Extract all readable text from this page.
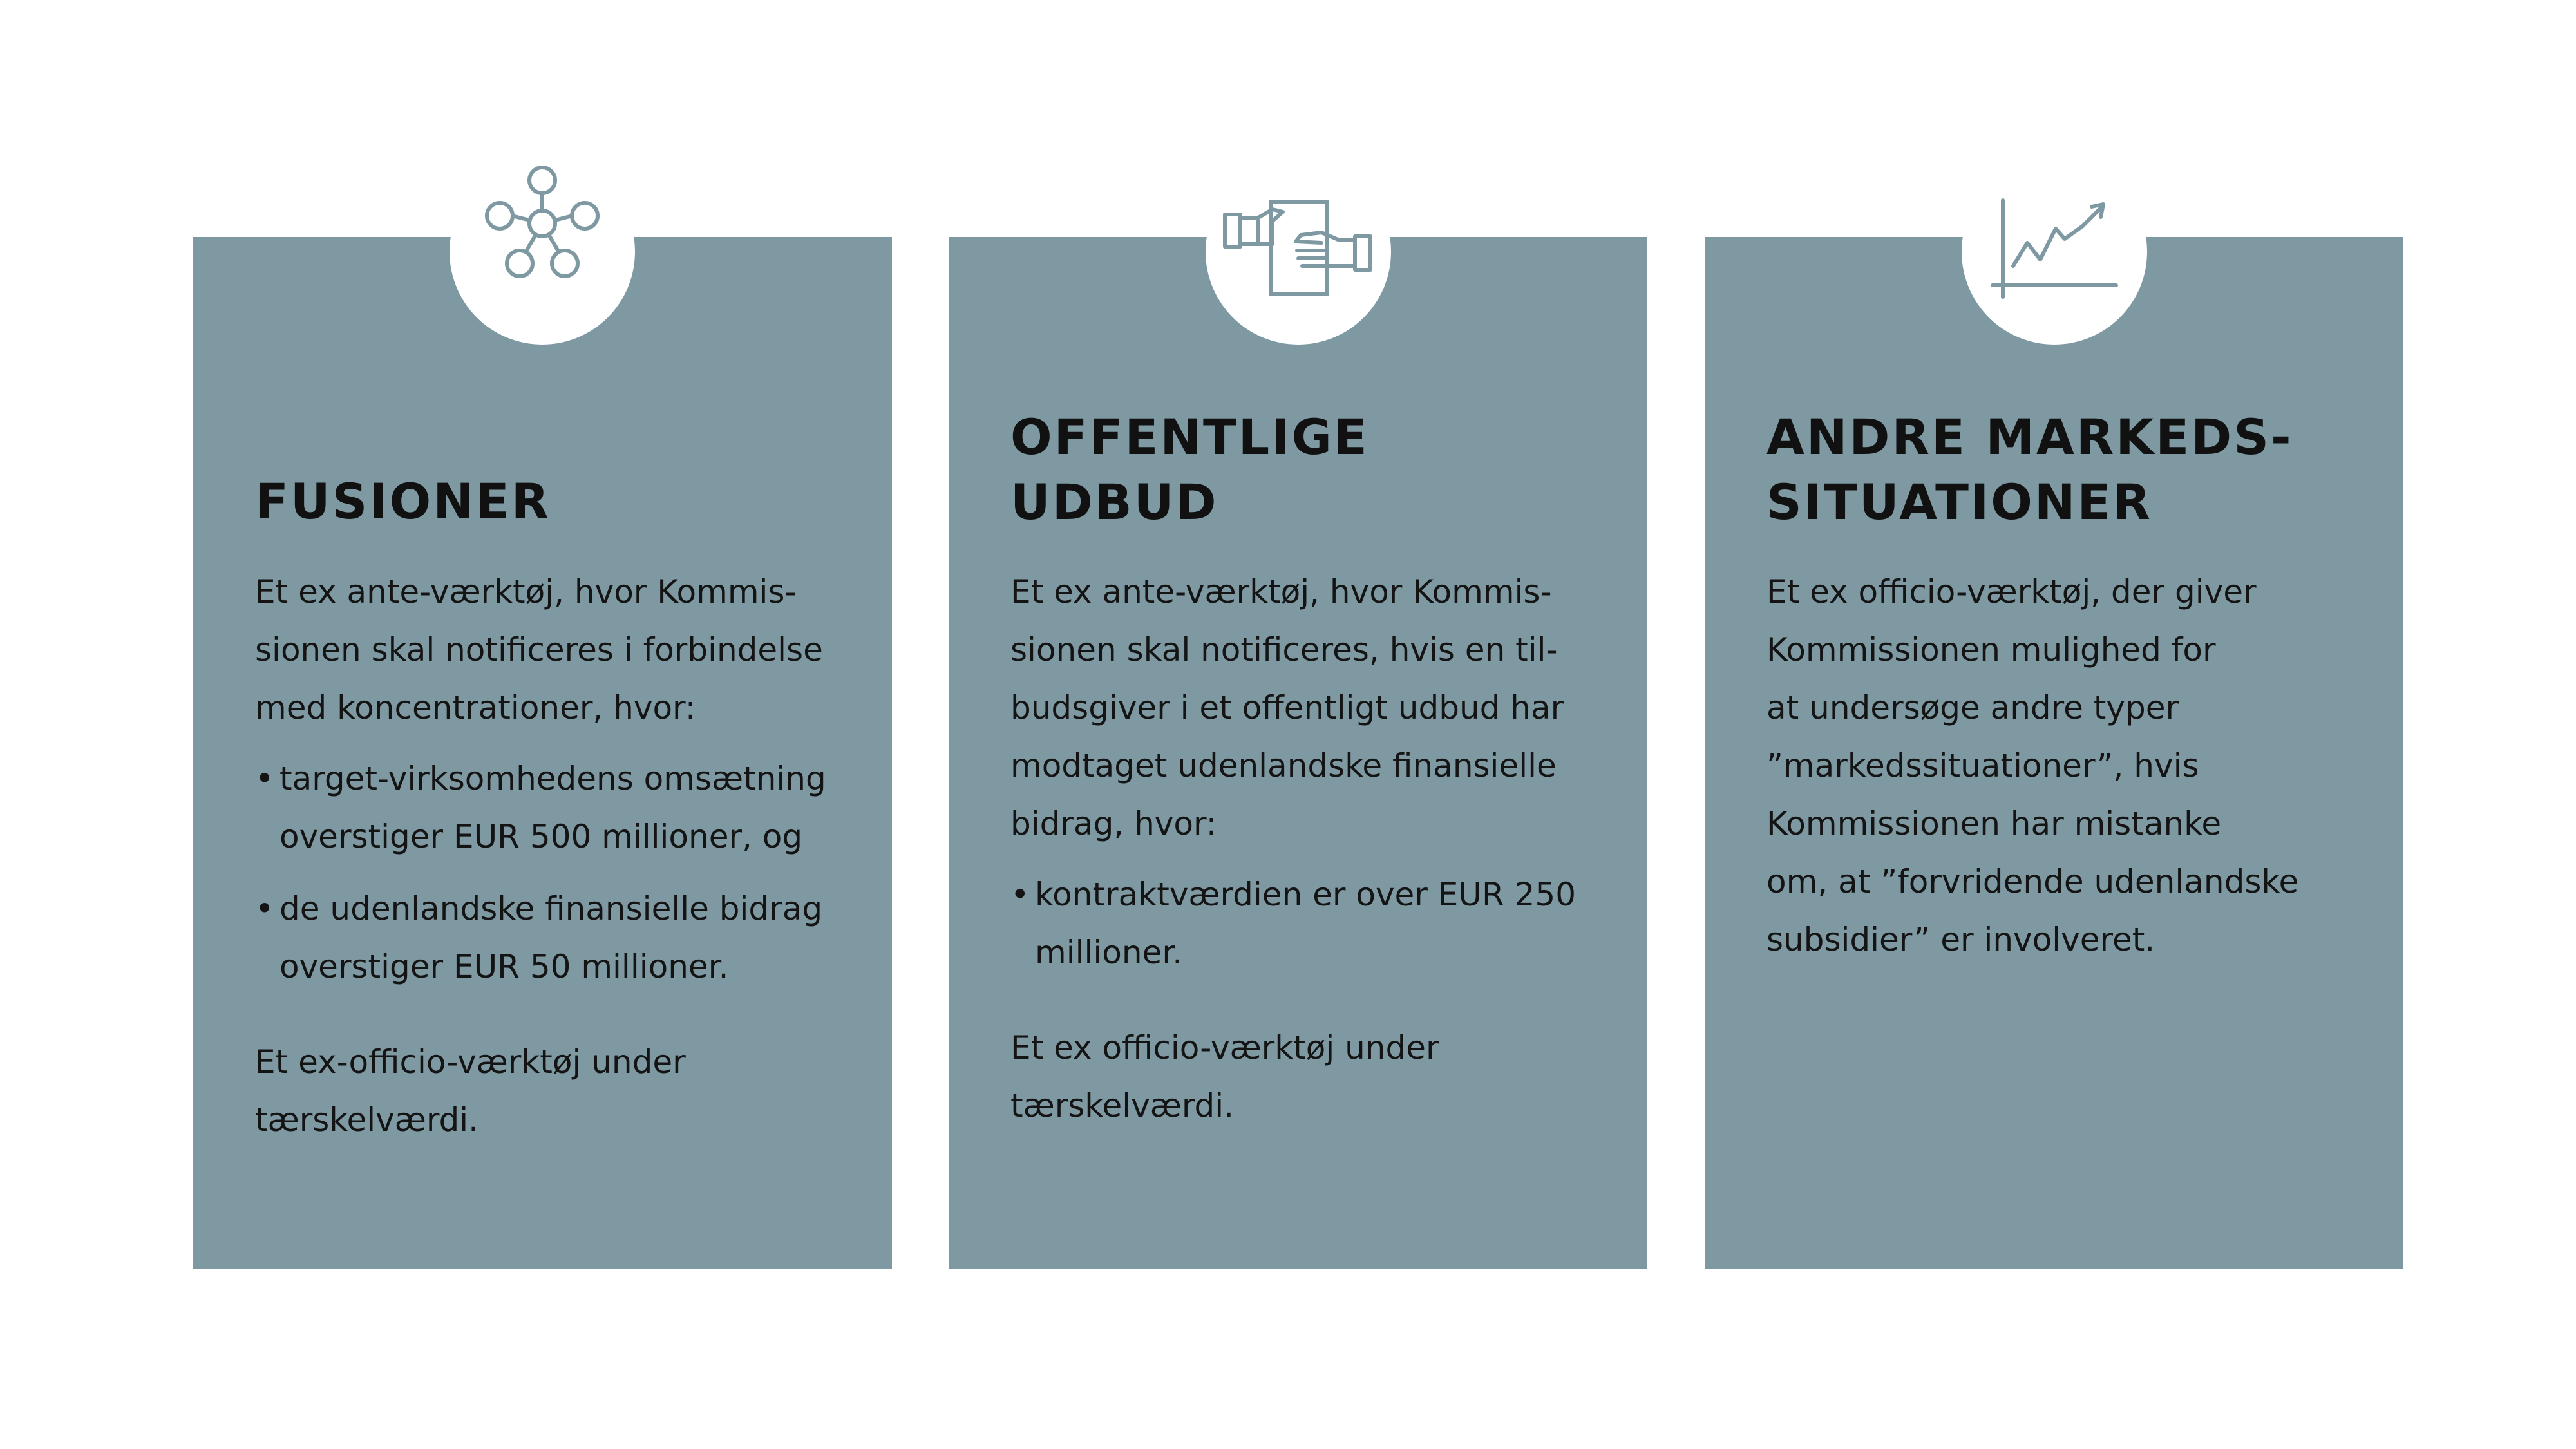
FUSIONER

Et ex ante-værktøj, hvor Kommis-
sionen skal notificeres i forbindelse
med koncentrationer, hvor:

• target-virksomhedens omsætning
overstiger EUR 500 millioner, og
• de udenlandske finansielle bidrag
overstiger EUR 50 millioner.

Et ex-officio-værktøj under
tærskelværdi.

OFFENTLIGE
UDBUD

Et ex ante-værktøj, hvor Kommis-
sionen skal notificeres, hvis en til-
budsgiver i et offentligt udbud har
modtaget udenlandske finansielle
bidrag, hvor:

• kontraktværdien er over EUR 250
millioner.

Et ex officio-værktøj under
tærskelværdi.

ANDRE MARKEDS-
SITUATIONER

Et ex officio-værktøj, der giver
Kommissionen mulighed for
at undersøge andre typer
”markedssituationer”, hvis
Kommissionen har mistanke
om, at ”forvridende udenlandske
subsidier” er involveret.
